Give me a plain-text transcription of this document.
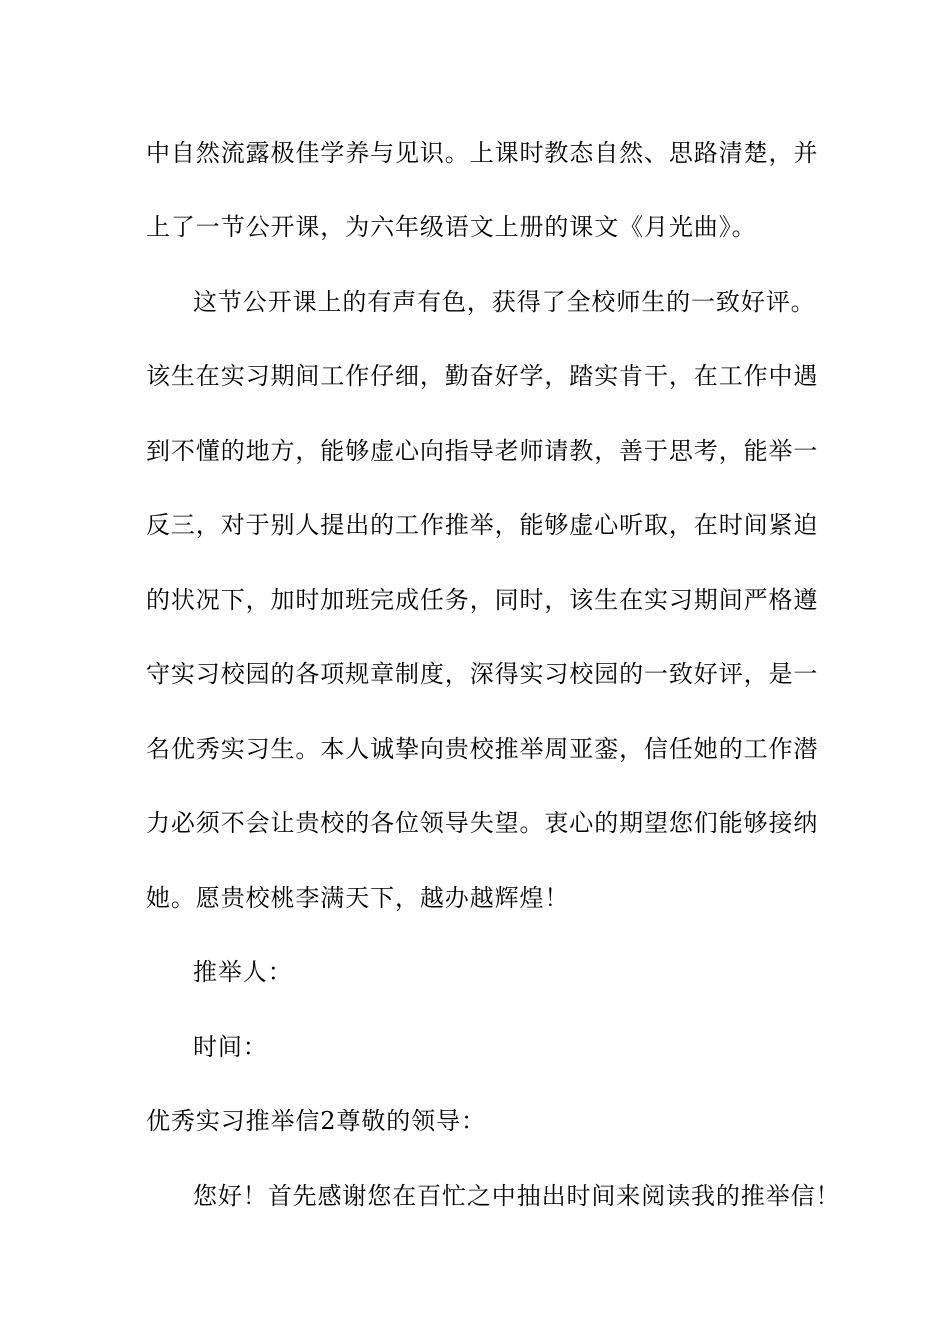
中自然流露极佳学养与见识。上课时教态自然、思路清楚，并
上了一节公开课，为六年级语文上册的课文《月光曲》。
这节公开课上的有声有色，获得了全校师生的一致好评。
该生在实习期间工作仔细，勤奋好学，踏实肯干，在工作中遇
到不懂的地方，能够虚心向指导老师请教，善于思考，能举一
反三，对于别人提出的工作推举，能够虚心听取，在时间紧迫
的状况下，加时加班完成任务，同时，该生在实习期间严格遵
守实习校园的各项规章制度，深得实习校园的一致好评，是一
名优秀实习生。本人诚挚向贵校推举周亚銮，信任她的工作潜
力必须不会让贵校的各位领导失望。衷心的期望您们能够接纳
她。愿贵校桃李满天下，越办越辉煌！
推举人：
时间：
优秀实习推举信2尊敬的领导：
您好！首先感谢您在百忙之中抽出时间来阅读我的推举信！
